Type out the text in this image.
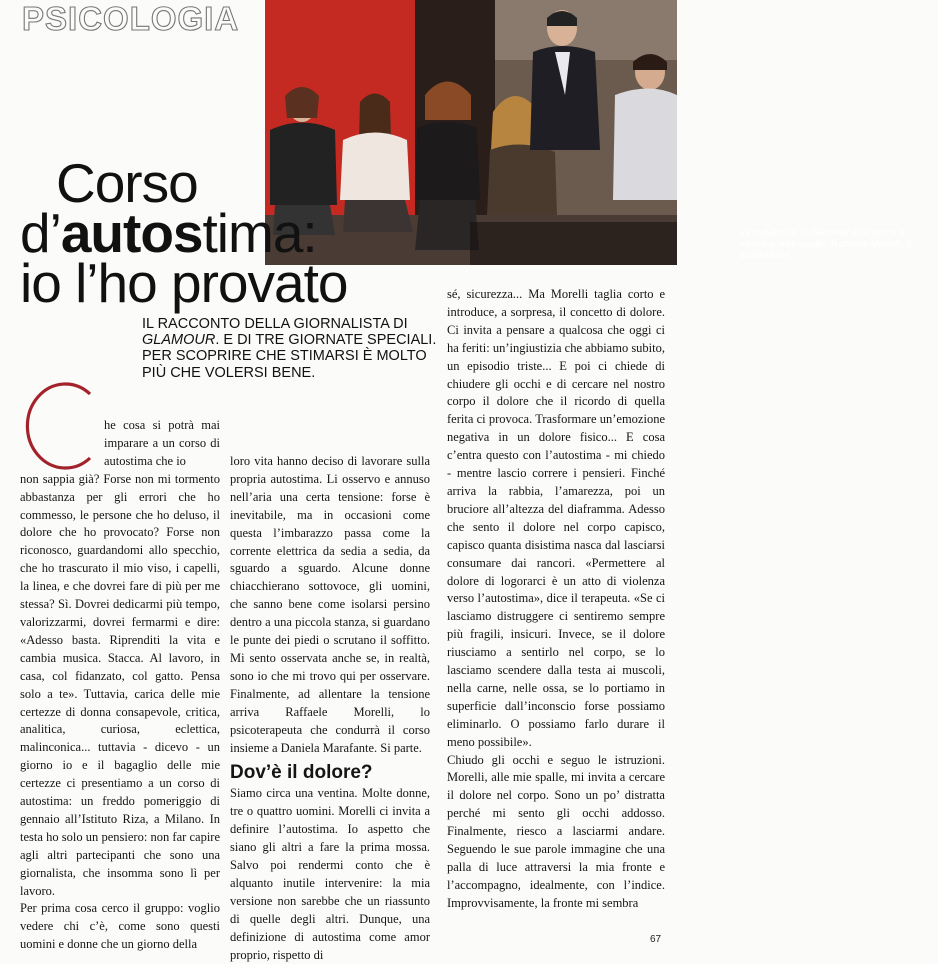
PSICOLOGIA

La redattrice di Glamour è la prima a sinistra. Alle spalle, Raffaele Morelli, il conduttore.

Corso
d’autostima:
io l’ho provato

IL RACCONTO DELLA GIORNALISTA DI GLAMOUR. E DI TRE GIORNATE SPECIALI. PER SCOPRIRE CHE STIMARSI È MOLTO PIÙ CHE VOLERSI BENE.

he cosa si potrà mai imparare a un corso di autostima che io

non sappia già? Forse non mi tormento abbastanza per gli errori che ho commesso, le persone che ho deluso, il dolore che ho provocato? Forse non riconosco, guardandomi allo specchio, che ho trascurato il mio viso, i capelli, la linea, e che dovrei fare di più per me stessa? Sì. Dovrei dedicarmi più tempo, valorizzarmi, dovrei fermarmi e dire: «Adesso basta. Riprenditi la vita e cambia musica. Stacca. Al lavoro, in casa, col fidanzato, col gatto. Pensa solo a te». Tuttavia, carica delle mie certezze di donna consapevole, critica, analitica, curiosa, eclettica, malinconica... tuttavia - dicevo - un giorno io e il bagaglio delle mie certezze ci presentiamo a un corso di autostima: un freddo pomeriggio di gennaio all’Istituto Riza, a Milano. In testa ho solo un pensiero: non far capire agli altri partecipanti che sono una giornalista, che insomma sono lì per lavoro.

Per prima cosa cerco il gruppo: voglio vedere chi c’è, come sono questi uomini e donne che un giorno della

loro vita hanno deciso di lavorare sulla propria autostima. Li osservo e annuso nell’aria una certa tensione: forse è inevitabile, ma in occasioni come questa l’imbarazzo passa come la corrente elettrica da sedia a sedia, da sguardo a sguardo. Alcune donne chiacchierano sottovoce, gli uomini, che sanno bene come isolarsi persino dentro a una piccola stanza, si guardano le punte dei piedi o scrutano il soffitto. Mi sento osservata anche se, in realtà, sono io che mi trovo qui per osservare. Finalmente, ad allentare la tensione arriva Raffaele Morelli, lo psicoterapeuta che condurrà il corso insieme a Daniela Marafante. Si parte.

Dov’è il dolore?

Siamo circa una ventina. Molte donne, tre o quattro uomini. Morelli ci invita a definire l’autostima. Io aspetto che siano gli altri a fare la prima mossa. Salvo poi rendermi conto che è alquanto inutile intervenire: la mia versione non sarebbe che un riassunto di quelle degli altri. Dunque, una definizione di autostima come amor proprio, rispetto di

sé, sicurezza... Ma Morelli taglia corto e introduce, a sorpresa, il concetto di dolore. Ci invita a pensare a qualcosa che oggi ci ha feriti: un’ingiustizia che abbiamo subito, un episodio triste... E poi ci chiede di chiudere gli occhi e di cercare nel nostro corpo il dolore che il ricordo di quella ferita ci provoca. Trasformare un’emozione negativa in un dolore fisico... E cosa c’entra questo con l’autostima - mi chiedo - mentre lascio correre i pensieri. Finché arriva la rabbia, l’amarezza, poi un bruciore all’altezza del diaframma. Adesso che sento il dolore nel corpo capisco, capisco quanta disistima nasca dal lasciarsi consumare dai rancori. «Permettere al dolore di logorarci è un atto di violenza verso l’autostima», dice il terapeuta. «Se ci lasciamo distruggere ci sentiremo sempre più fragili, insicuri. Invece, se il dolore riusciamo a sentirlo nel corpo, se lo lasciamo scendere dalla testa ai muscoli, nella carne, nelle ossa, se lo portiamo in superficie dall’inconscio forse possiamo eliminarlo. O possiamo farlo durare il meno possibile».

Chiudo gli occhi e seguo le istruzioni. Morelli, alle mie spalle, mi invita a cercare il dolore nel corpo. Sono un po’ distratta perché mi sento gli occhi addosso. Finalmente, riesco a lasciarmi andare. Seguendo le sue parole immagine che una palla di luce attraversi la mia fronte e l’accompagno, idealmente, con l’indice. Improvvisamente, la fronte mi sembra

67
